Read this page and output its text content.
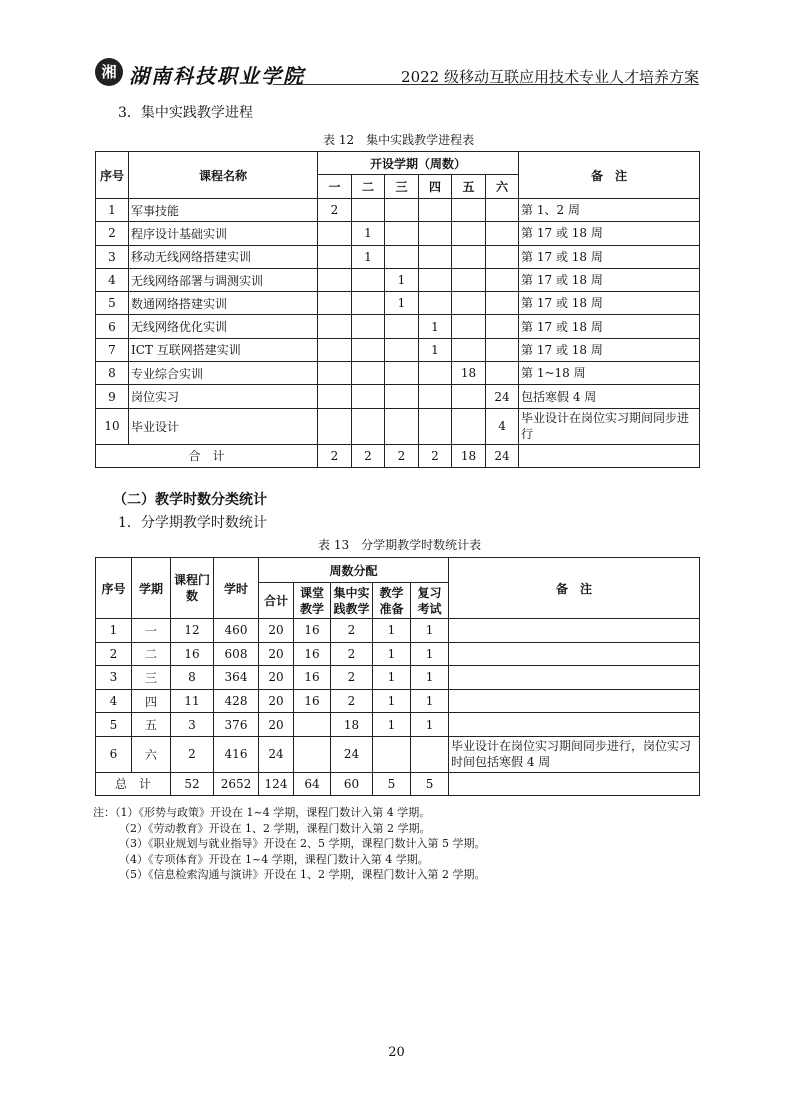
湘 湖南科技职业学院	2022 级移动互联应用技术专业人才培养方案
3．集中实践教学进程
表 12　集中实践教学进程表
序号	课程名称	开设学期（周数）						备　注
		一	二	三	四	五	六	
1	军事技能	2						第 1、2 周
2	程序设计基础实训		1					第 17 或 18 周
3	移动无线网络搭建实训		1					第 17 或 18 周
4	无线网络部署与调测实训			1				第 17 或 18 周
5	数通网络搭建实训			1				第 17 或 18 周
6	无线网络优化实训				1			第 17 或 18 周
7	ICT 互联网搭建实训				1			第 17 或 18 周
8	专业综合实训					18		第 1~18 周
9	岗位实习						24	包括寒假 4 周
10	毕业设计						4	毕业设计在岗位实习期间同步进行
合　计		2	2	2	2	18	24	
（二）教学时数分类统计
1．分学期教学时数统计
表 13　分学期教学时数统计表
序号	学期	课程门数	学时	周数分配					备　注
				合计	课堂教学	集中实践教学	教学准备	复习考试	
1	一	12	460	20	16	2	1	1	
2	二	16	608	20	16	2	1	1	
3	三	8	364	20	16	2	1	1	
4	四	11	428	20	16	2	1	1	
5	五	3	376	20		18	1	1	
6	六	2	416	24		24			毕业设计在岗位实习期间同步进行，岗位实习时间包括寒假 4 周
总　计		52	2652	124	64	60	5	5	
注：（1）《形势与政策》开设在 1~4 学期，课程门数计入第 4 学期。
（2）《劳动教育》开设在 1、2 学期，课程门数计入第 2 学期。
（3）《职业规划与就业指导》开设在 2、5 学期，课程门数计入第 5 学期。
（4）《专项体育》开设在 1~4 学期，课程门数计入第 4 学期。
（5）《信息检索沟通与演讲》开设在 1、2 学期，课程门数计入第 2 学期。
20
